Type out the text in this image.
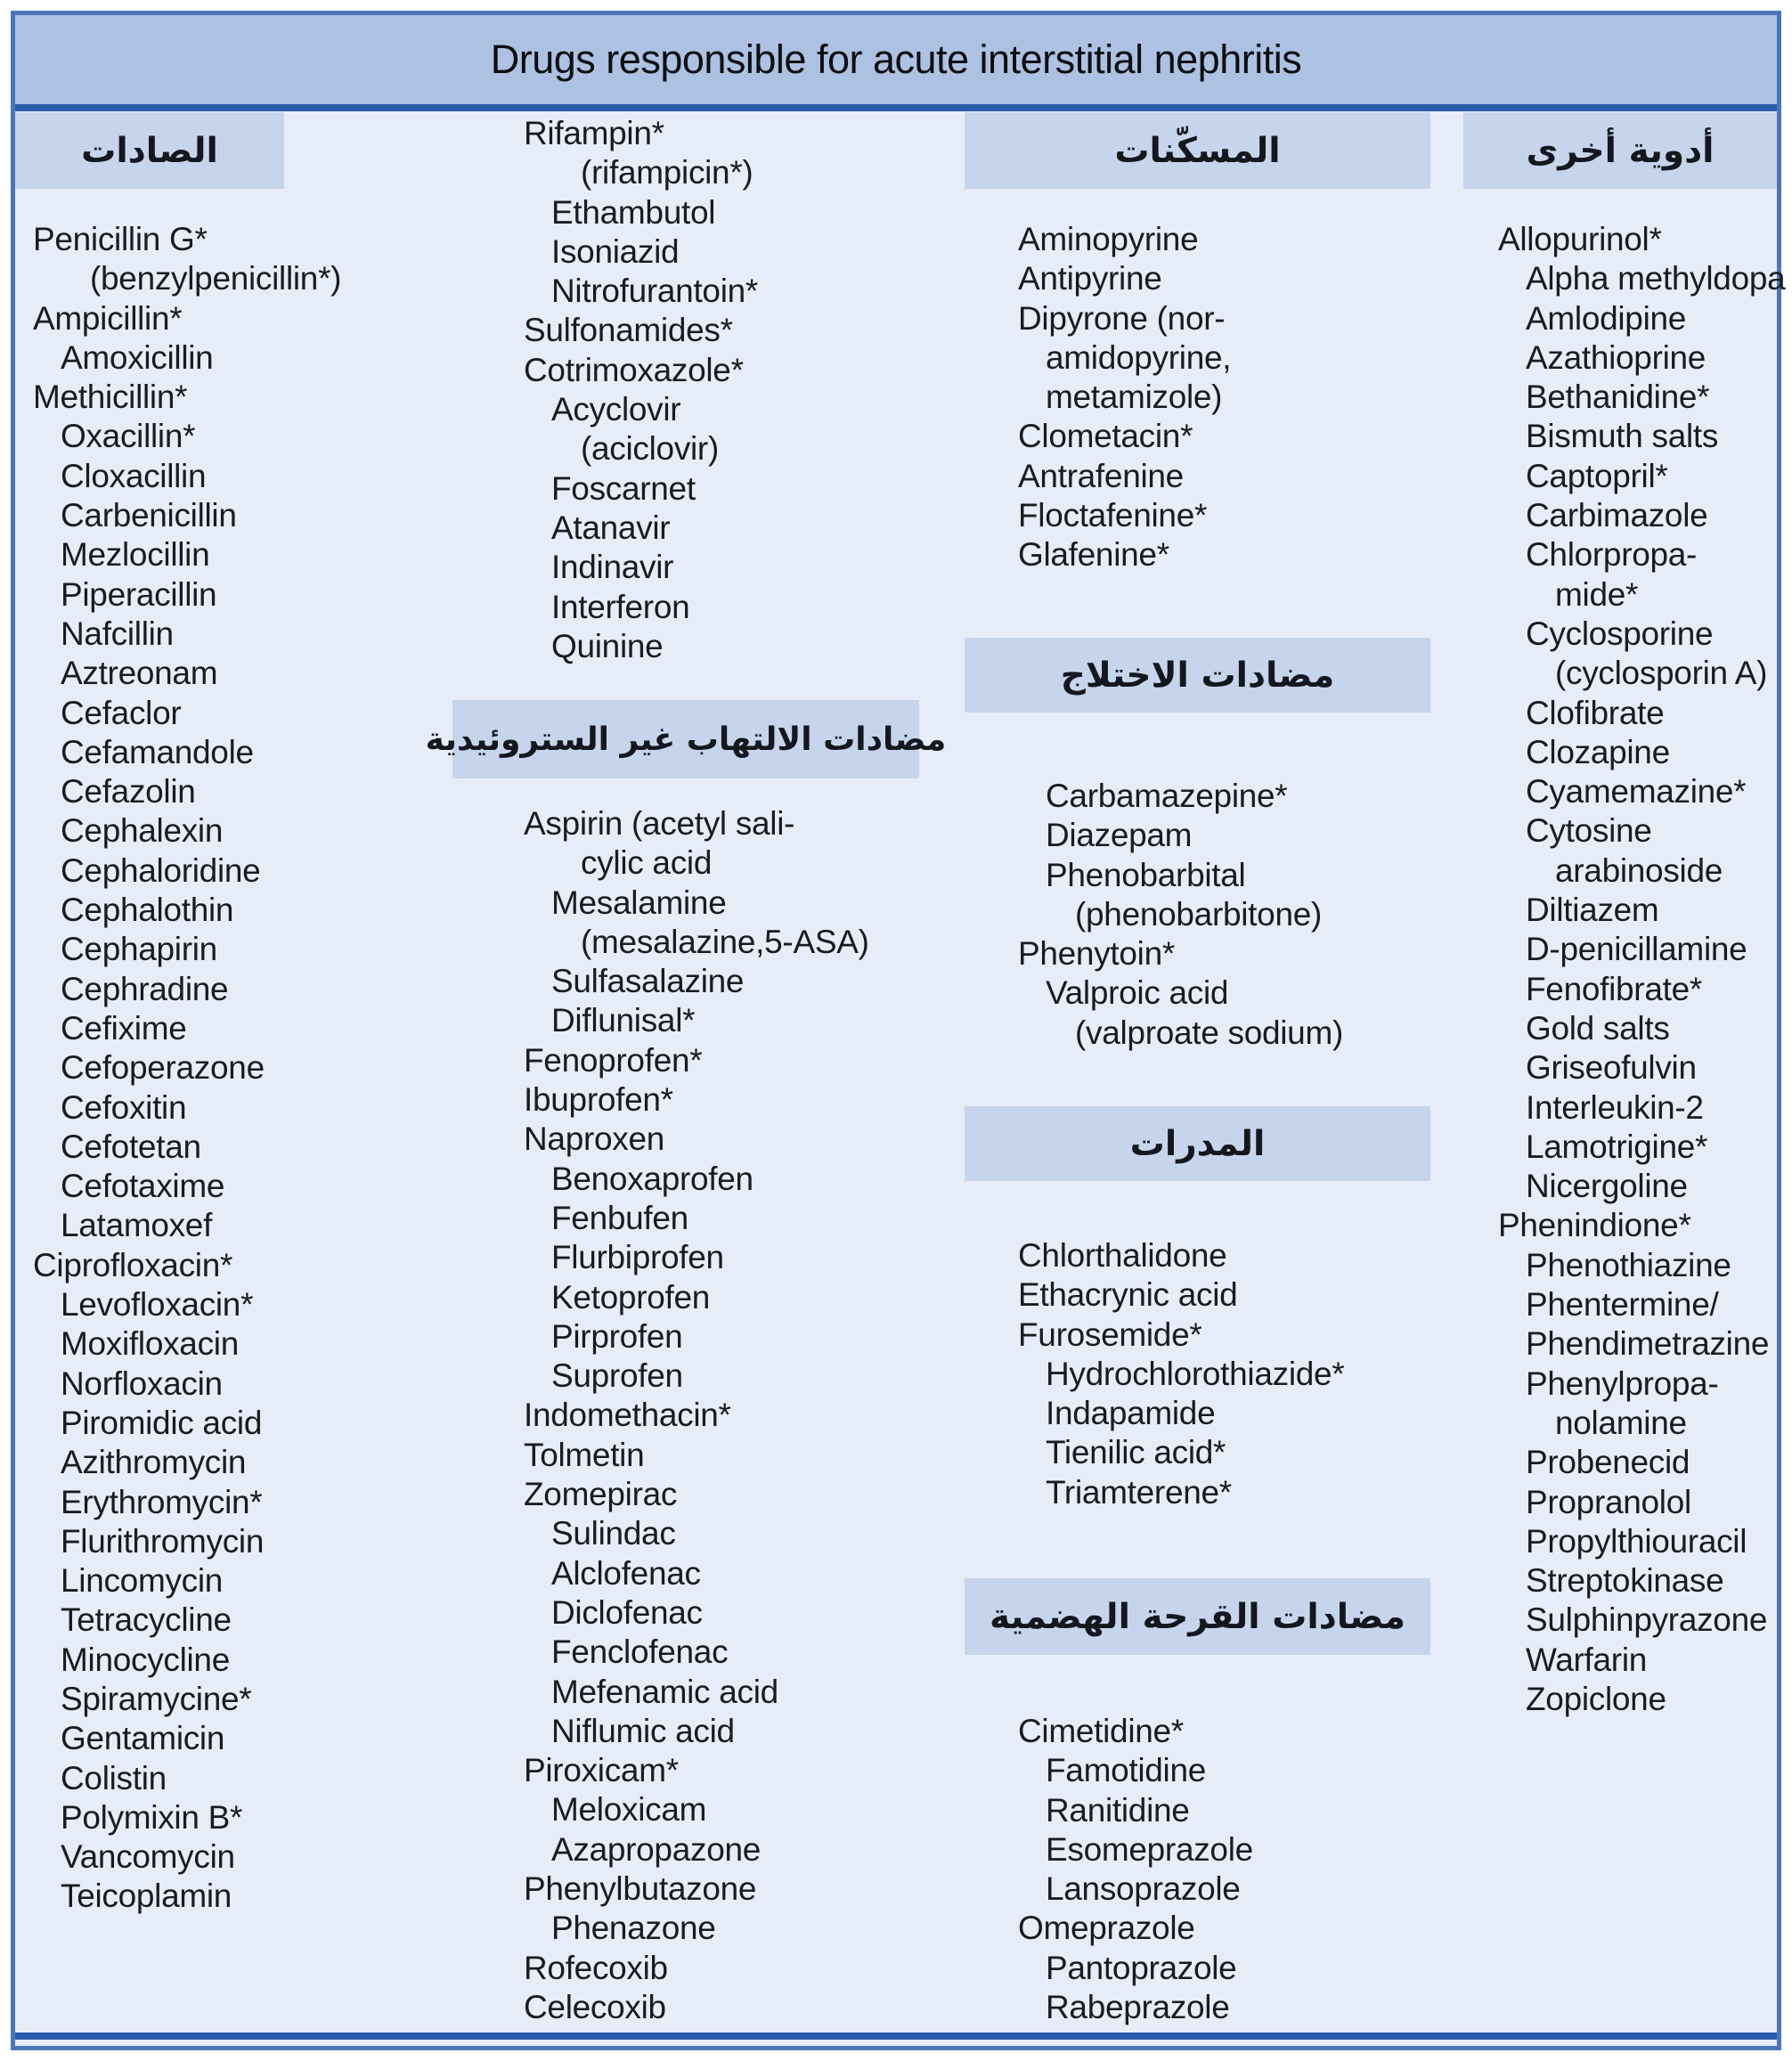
Drugs responsible for acute interstitial nephritis
الصادات	المسكّنات	أدوية أخرى
مضادات الالتهاب غير الستروئيدية
مضادات الاختلاج
المدرات
مضادات القرحة الهضمية
Penicillin G*
(benzylpenicillin*)
Ampicillin*
Amoxicillin
Methicillin*
Oxacillin*
Cloxacillin
Carbenicillin
Mezlocillin
Piperacillin
Nafcillin
Aztreonam
Cefaclor
Cefamandole
Cefazolin
Cephalexin
Cephaloridine
Cephalothin
Cephapirin
Cephradine
Cefixime
Cefoperazone
Cefoxitin
Cefotetan
Cefotaxime
Latamoxef
Ciprofloxacin*
Levofloxacin*
Moxifloxacin
Norfloxacin
Piromidic acid
Azithromycin
Erythromycin*
Flurithromycin
Lincomycin
Tetracycline
Minocycline
Spiramycine*
Gentamicin
Colistin
Polymixin B*
Vancomycin
Teicoplamin
Rifampin*
(rifampicin*)
Ethambutol
Isoniazid
Nitrofurantoin*
Sulfonamides*
Cotrimoxazole*
Acyclovir
(aciclovir)
Foscarnet
Atanavir
Indinavir
Interferon
Quinine
Aspirin (acetyl sali-
cylic acid
Mesalamine
(mesalazine,5-ASA)
Sulfasalazine
Diflunisal*
Fenoprofen*
Ibuprofen*
Naproxen
Benoxaprofen
Fenbufen
Flurbiprofen
Ketoprofen
Pirprofen
Suprofen
Indomethacin*
Tolmetin
Zomepirac
Sulindac
Alclofenac
Diclofenac
Fenclofenac
Mefenamic acid
Niflumic acid
Piroxicam*
Meloxicam
Azapropazone
Phenylbutazone
Phenazone
Rofecoxib
Celecoxib
Aminopyrine
Antipyrine
Dipyrone (nor-
amidopyrine,
metamizole)
Clometacin*
Antrafenine
Floctafenine*
Glafenine*
Carbamazepine*
Diazepam
Phenobarbital
(phenobarbitone)
Phenytoin*
Valproic acid
(valproate sodium)
Chlorthalidone
Ethacrynic acid
Furosemide*
Hydrochlorothiazide*
Indapamide
Tienilic acid*
Triamterene*
Cimetidine*
Famotidine
Ranitidine
Esomeprazole
Lansoprazole
Omeprazole
Pantoprazole
Rabeprazole
Allopurinol*
Alpha methyldopa
Amlodipine
Azathioprine
Bethanidine*
Bismuth salts
Captopril*
Carbimazole
Chlorpropa-
mide*
Cyclosporine
(cyclosporin A)
Clofibrate
Clozapine
Cyamemazine*
Cytosine
arabinoside
Diltiazem
D-penicillamine
Fenofibrate*
Gold salts
Griseofulvin
Interleukin-2
Lamotrigine*
Nicergoline
Phenindione*
Phenothiazine
Phentermine/
Phendimetrazine
Phenylpropa-
nolamine
Probenecid
Propranolol
Propylthiouracil
Streptokinase
Sulphinpyrazone
Warfarin
Zopiclone
